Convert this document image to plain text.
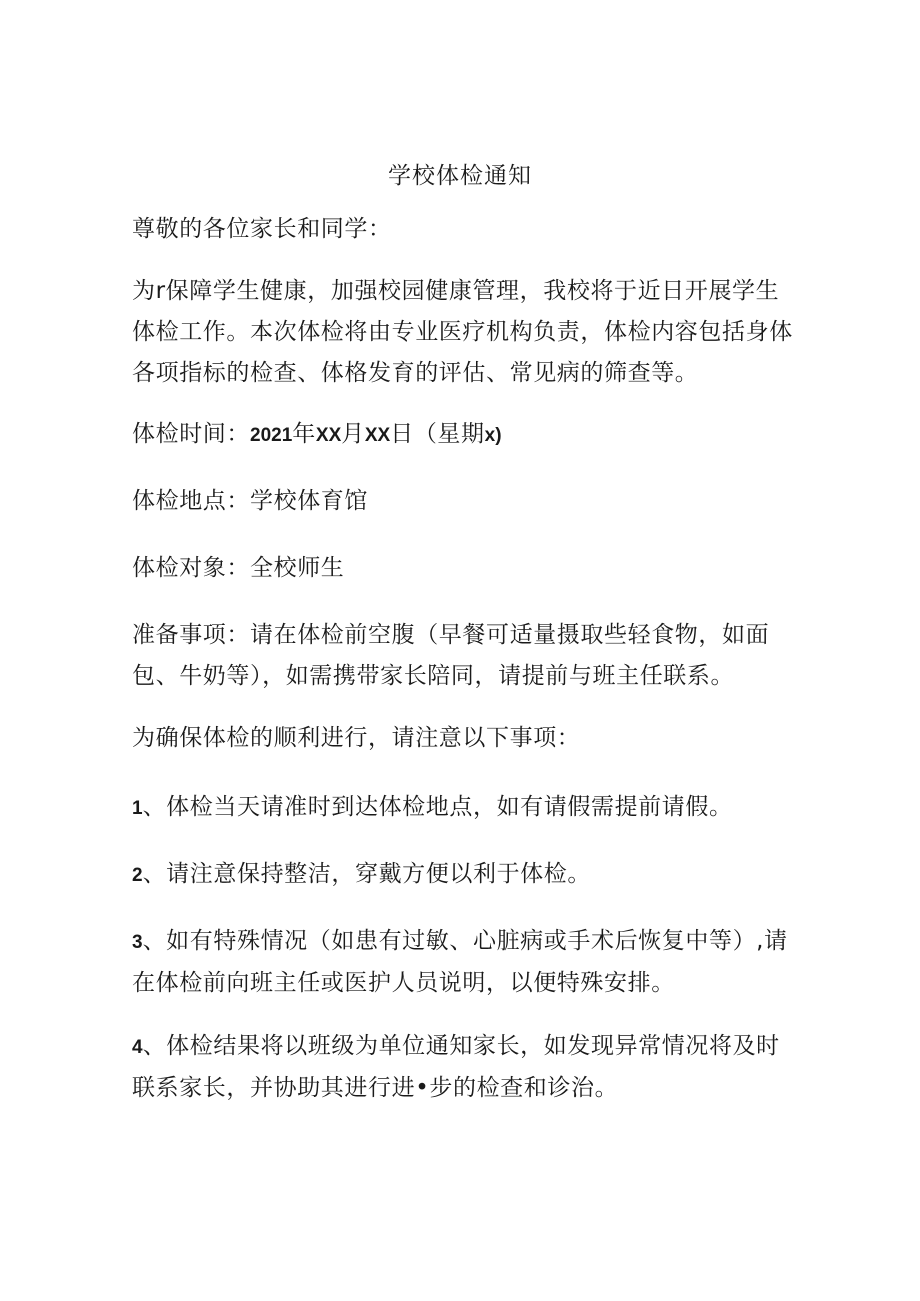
学校体检通知

尊敬的各位家长和同学：

为r保障学生健康，加强校园健康管理，我校将于近日开展学生体检工作。本次体检将由专业医疗机构负责，体检内容包括身体各项指标的检查、体格发育的评估、常见病的筛查等。

体检时间：2021年XX月XX日（星期x)

体检地点：学校体育馆

体检对象：全校师生

准备事项：请在体检前空腹（早餐可适量摄取些轻食物，如面包、牛奶等），如需携带家长陪同，请提前与班主任联系。

为确保体检的顺利进行，请注意以下事项：

1、体检当天请准时到达体检地点，如有请假需提前请假。

2、请注意保持整洁，穿戴方便以利于体检。

3、如有特殊情况（如患有过敏、心脏病或手术后恢复中等）,请在体检前向班主任或医护人员说明，以便特殊安排。

4、体检结果将以班级为单位通知家长，如发现异常情况将及时联系家长，并协助其进行进•步的检查和诊治。
